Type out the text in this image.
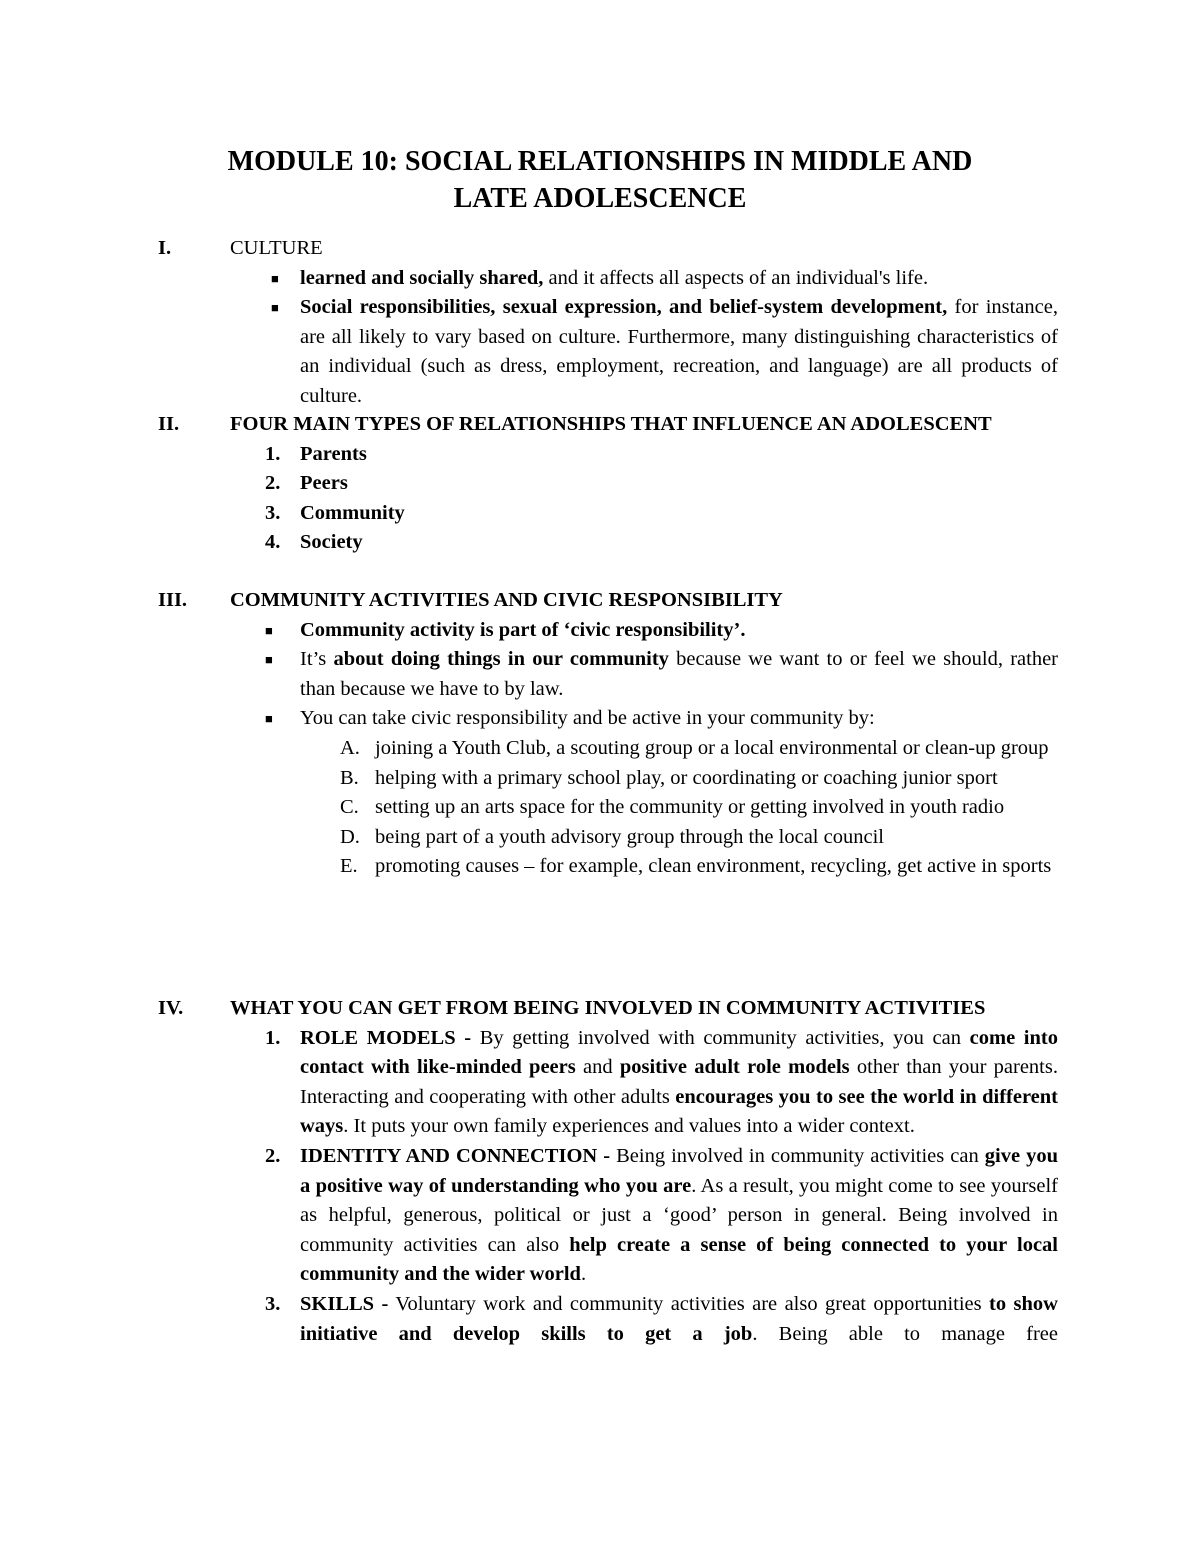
MODULE 10: SOCIAL RELATIONSHIPS IN MIDDLE AND
LATE ADOLESCENCE
I.	CULTURE
■ learned and socially shared, and it affects all aspects of an individual's life.
■ Social responsibilities, sexual expression, and belief-system development, for instance, are all likely to vary based on culture. Furthermore, many distinguishing characteristics of an individual (such as dress, employment, recreation, and language) are all products of culture.
II. FOUR MAIN TYPES OF RELATIONSHIPS THAT INFLUENCE AN ADOLESCENT
1. Parents
2. Peers
3. Community
4. Society
III. COMMUNITY ACTIVITIES AND CIVIC RESPONSIBILITY
■ Community activity is part of ‘civic responsibility’.
■ It’s about doing things in our community because we want to or feel we should, rather than because we have to by law.
■ You can take civic responsibility and be active in your community by:
A. joining a Youth Club, a scouting group or a local environmental or clean-up group
B. helping with a primary school play, or coordinating or coaching junior sport
C. setting up an arts space for the community or getting involved in youth radio
D. being part of a youth advisory group through the local council
E. promoting causes – for example, clean environment, recycling, get active in sports
IV. WHAT YOU CAN GET FROM BEING INVOLVED IN COMMUNITY ACTIVITIES
1. ROLE MODELS - By getting involved with community activities, you can come into contact with like-minded peers and positive adult role models other than your parents. Interacting and cooperating with other adults encourages you to see the world in different ways. It puts your own family experiences and values into a wider context.
2. IDENTITY AND CONNECTION - Being involved in community activities can give you a positive way of understanding who you are. As a result, you might come to see yourself as helpful, generous, political or just a ‘good’ person in general. Being involved in community activities can also help create a sense of being connected to your local community and the wider world.
3. SKILLS - Voluntary work and community activities are also great opportunities to show initiative and develop skills to get a job. Being able to manage free
